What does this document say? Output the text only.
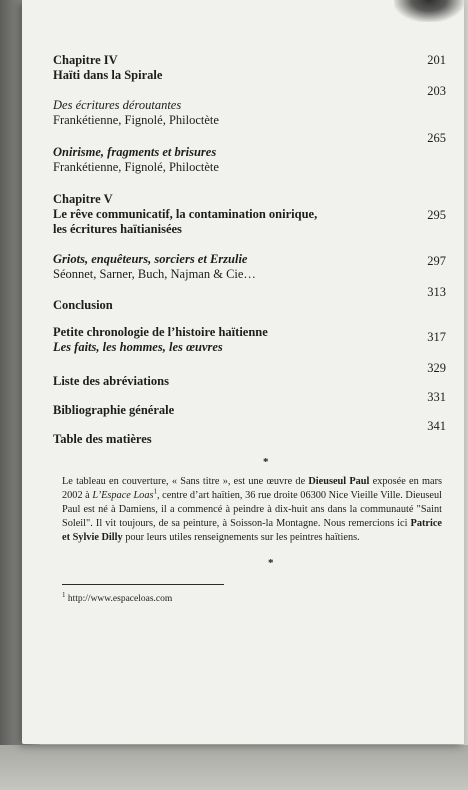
Chapitre IV
Haïti dans la Spirale
201
Des écritures déroutantes
Frankétienne, Fignolé, Philoctète
203
Onirisme, fragments et brisures
Frankétienne, Fignolé, Philoctète
265
Chapitre V
Le rêve communicatif, la contamination onirique,
les écritures haïtianisées
295
Griots, enquêteurs, sorciers et Erzulie
Séonnet, Sarner, Buch, Najman & Cie…
297
Conclusion
313
Petite chronologie de l’histoire haïtienne
Les faits, les hommes, les œuvres
317
Liste des abréviations
329
Bibliographie générale
331
Table des matières
341
*
Le tableau en couverture, « Sans titre », est une œuvre de Dieuseul Paul exposée en mars 2002 à L’Espace Loas$^1$, centre d’art haïtien, 36 rue droite 06300 Nice Vieille Ville. Dieuseul Paul est né à Damiens, il a commencé à peindre à dix-huit ans dans la communauté "Saint Soleil". Il vit toujours, de sa peinture, à Soisson-la Montagne. Nous remercions ici Patrice et Sylvie Dilly pour leurs utiles renseignements sur les peintres haïtiens.
*
$^1$ http://www.espaceloas.com
